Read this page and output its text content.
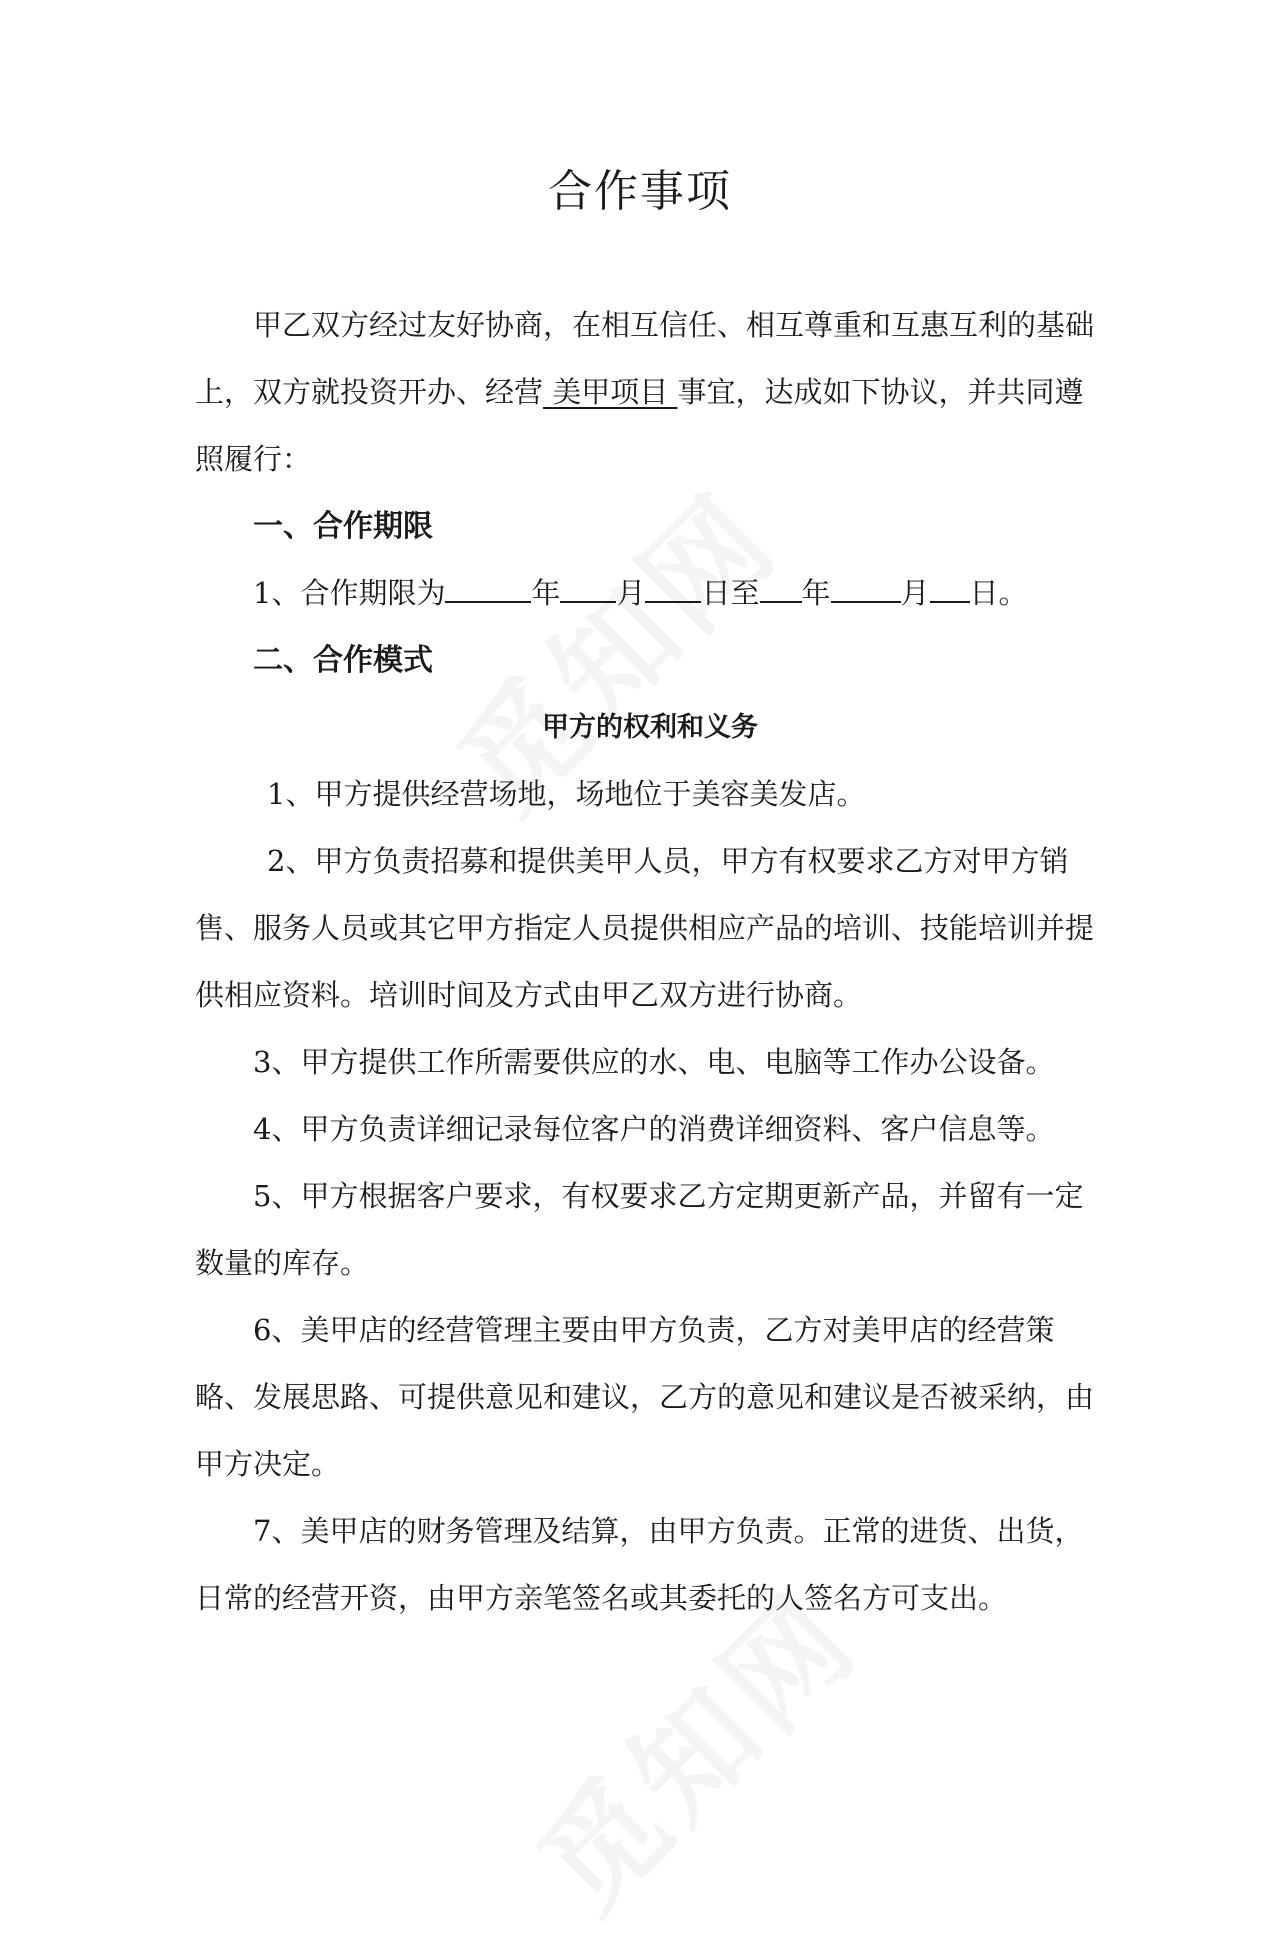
合作事项

甲乙双方经过友好协商，在相互信任、相互尊重和互惠互利的基础上，双方就投资开办、经营 美甲项目 事宜，达成如下协议，并共同遵照履行：

一、合作期限

1、合作期限为	年 月 日至 年 月 日。

二、合作模式

甲方的权利和义务

1、甲方提供经营场地，场地位于美容美发店。

2、甲方负责招募和提供美甲人员，甲方有权要求乙方对甲方销售、服务人员或其它甲方指定人员提供相应产品的培训、技能培训并提供相应资料。培训时间及方式由甲乙双方进行协商。

3、甲方提供工作所需要供应的水、电、电脑等工作办公设备。

4、甲方负责详细记录每位客户的消费详细资料、客户信息等。

5、甲方根据客户要求，有权要求乙方定期更新产品，并留有一定数量的库存。

6、美甲店的经营管理主要由甲方负责，乙方对美甲店的经营策略、发展思路、可提供意见和建议，乙方的意见和建议是否被采纳，由甲方决定。

7、美甲店的财务管理及结算，由甲方负责。正常的进货、出货，日常的经营开资，由甲方亲笔签名或其委托的人签名方可支出。
